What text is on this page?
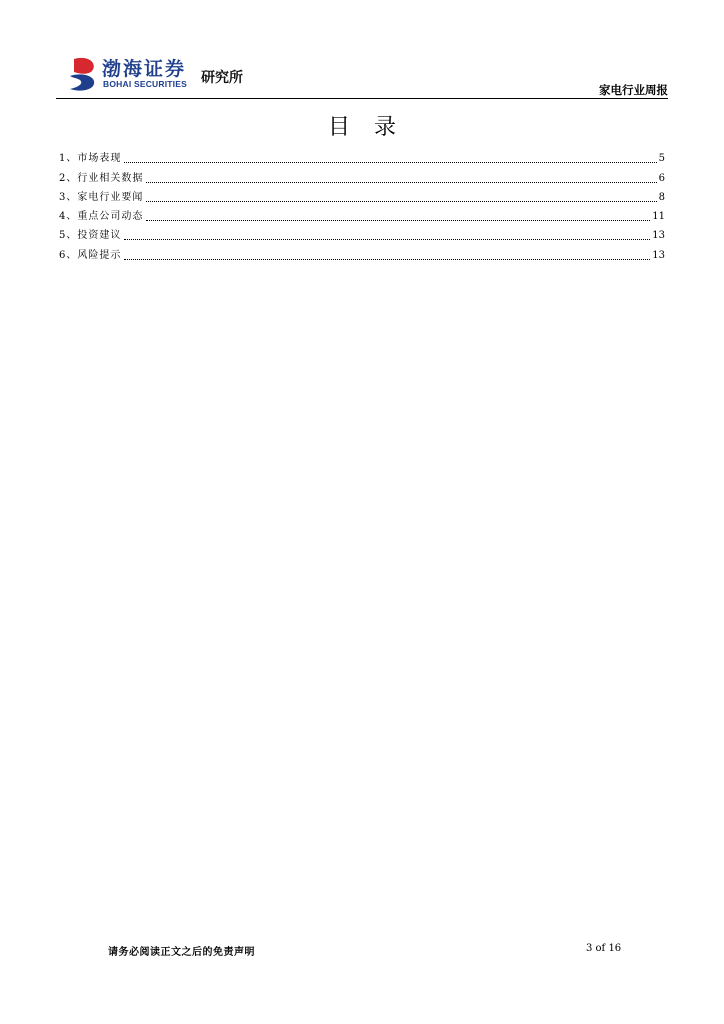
渤海证券
BOHAI SECURITIES 研究所
家电行业周报
目录
1、市场表现	5
2、行业相关数据	6
3、家电行业要闻	8
4、重点公司动态	11
5、投资建议	13
6、风险提示	13
请务必阅读正文之后的免责声明	3 of 16
